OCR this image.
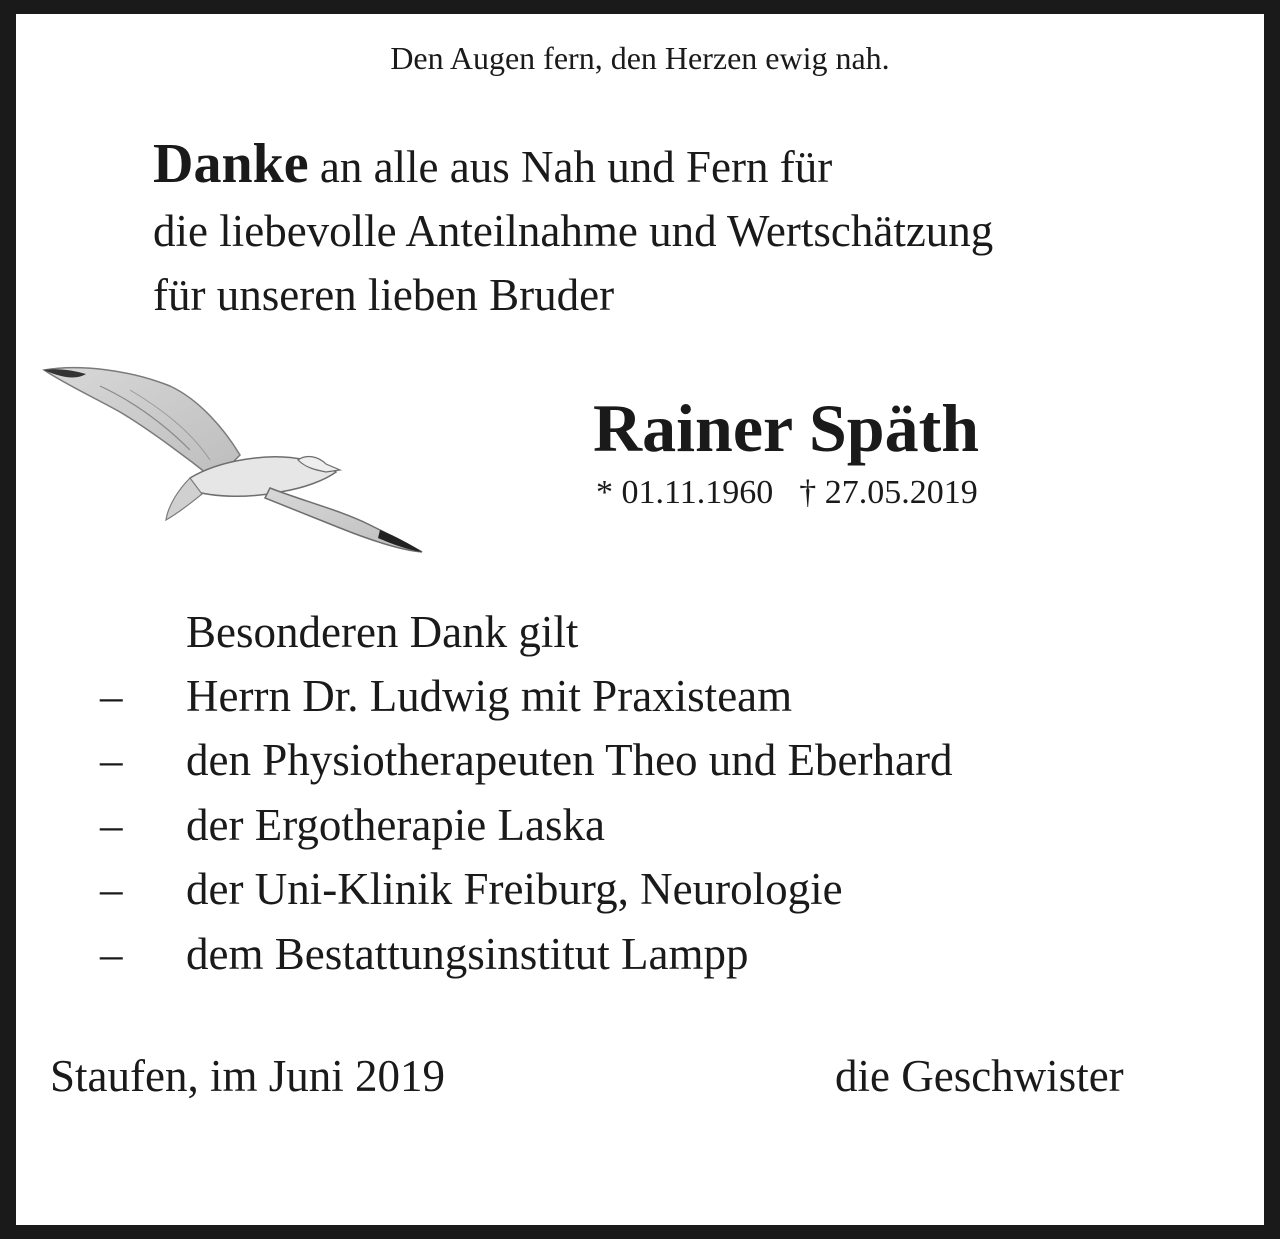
Den Augen fern, den Herzen ewig nah.
Danke an alle aus Nah und Fern für
die liebevolle Anteilnahme und Wertschätzung
für unseren lieben Bruder
Rainer Späth
* 01.11.1960 † 27.05.2019
Besonderen Dank gilt
– Herrn Dr. Ludwig mit Praxisteam
– den Physiotherapeuten Theo und Eberhard
– der Ergotherapie Laska
– der Uni-Klinik Freiburg, Neurologie
– dem Bestattungsinstitut Lampp
Staufen, im Juni 2019	die Geschwister
